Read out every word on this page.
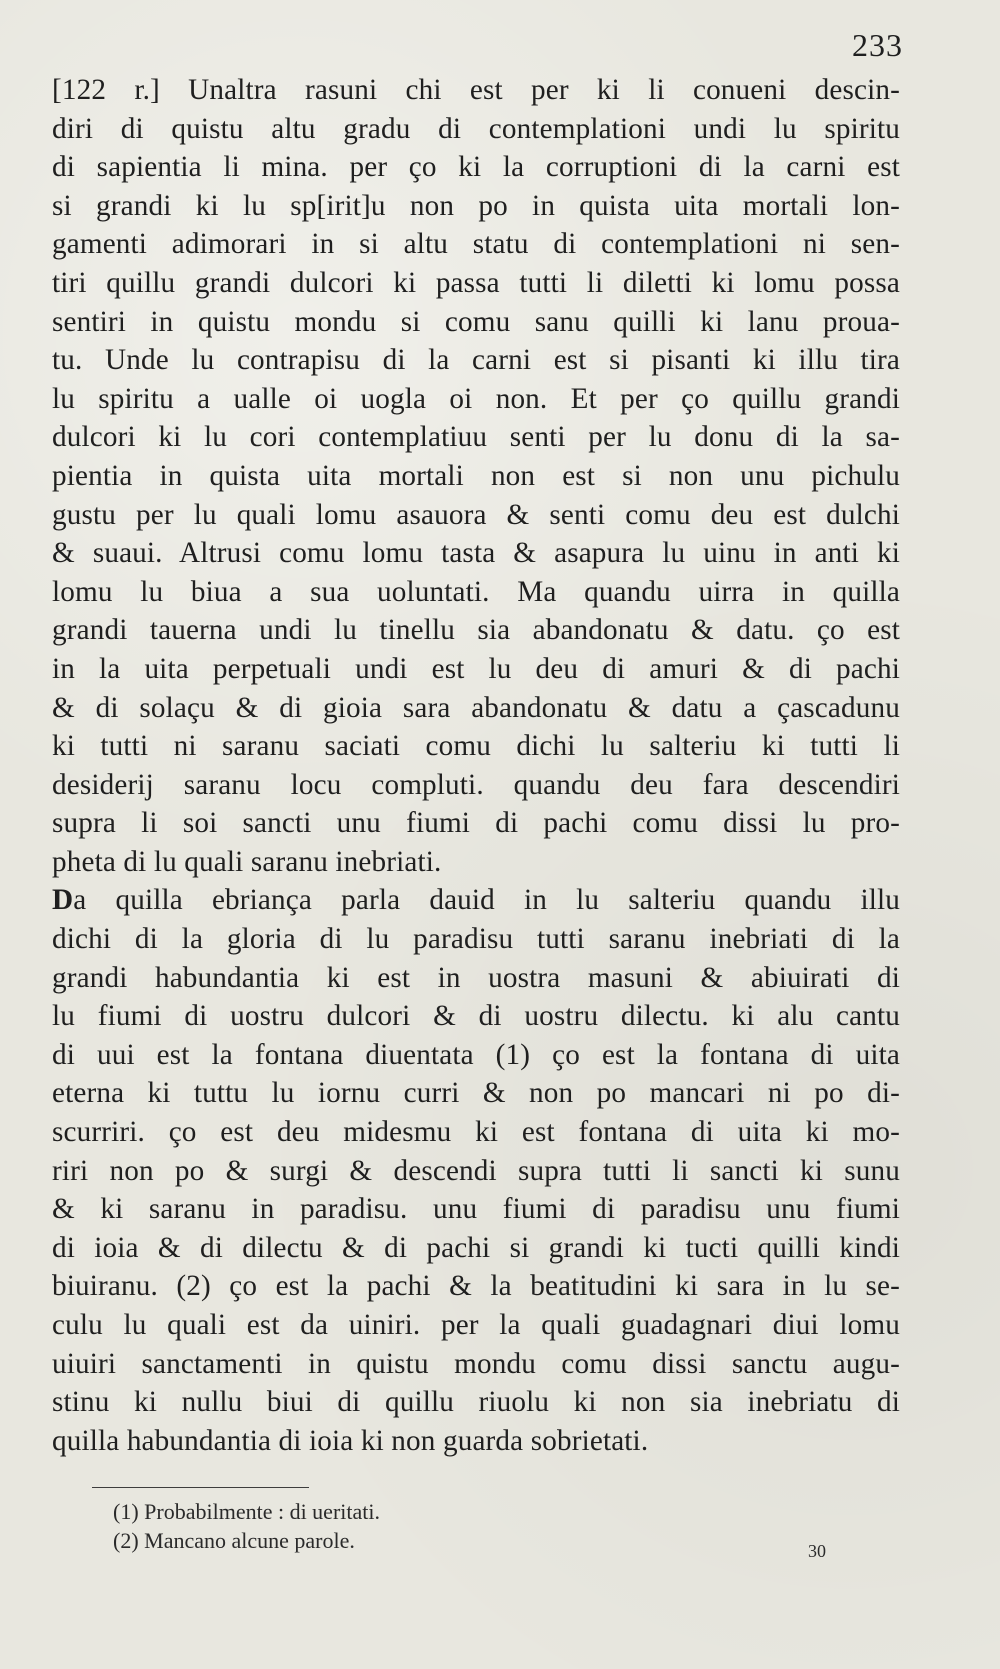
233
[122 r.] Unaltra rasuni chi est per ki li conueni descin-
diri di quistu altu gradu di contemplationi undi lu spiritu
di sapientia li mina. per ço ki la corruptioni di la carni est
si grandi ki lu sp[irit]u non po in quista uita mortali lon-
gamenti adimorari in si altu statu di contemplationi ni sen-
tiri quillu grandi dulcori ki passa tutti li diletti ki lomu possa
sentiri in quistu mondu si comu sanu quilli ki lanu proua-
tu. Unde lu contrapisu di la carni est si pisanti ki illu tira
lu spiritu a ualle oi uogla oi non. Et per ço quillu grandi
dulcori ki lu cori contemplatiuu senti per lu donu di la sa-
pientia in quista uita mortali non est si non unu pichulu
gustu per lu quali lomu asauora & senti comu deu est dulchi
& suaui. Altrusi comu lomu tasta & asapura lu uinu in anti ki
lomu lu biua a sua uoluntati. Ma quandu uirra in quilla
grandi tauerna undi lu tinellu sia abandonatu & datu. ço est
in la uita perpetuali undi est lu deu di amuri & di pachi
& di solaçu & di gioia sara abandonatu & datu a çascadunu
ki tutti ni saranu saciati comu dichi lu salteriu ki tutti li
desiderij saranu locu compluti. quandu deu fara descendiri
supra li soi sancti unu fiumi di pachi comu dissi lu pro-
pheta di lu quali saranu inebriati.
Da quilla ebriança parla dauid in lu salteriu quandu illu
dichi di la gloria di lu paradisu tutti saranu inebriati di la
grandi habundantia ki est in uostra masuni & abiuirati di
lu fiumi di uostru dulcori & di uostru dilectu. ki alu cantu
di uui est la fontana diuentata (1) ço est la fontana di uita
eterna ki tuttu lu iornu curri & non po mancari ni po di-
scurriri. ço est deu midesmu ki est fontana di uita ki mo-
riri non po & surgi & descendi supra tutti li sancti ki sunu
& ki saranu in paradisu. unu fiumi di paradisu unu fiumi
di ioia & di dilectu & di pachi si grandi ki tucti quilli kindi
biuiranu. (2) ço est la pachi & la beatitudini ki sara in lu se-
culu lu quali est da uiniri. per la quali guadagnari diui lomu
uiuiri sanctamenti in quistu mondu comu dissi sanctu augu-
stinu ki nullu biui di quillu riuolu ki non sia inebriatu di
quilla habundantia di ioia ki non guarda sobrietati.
(1) Probabilmente : di ueritati.
(2) Mancano alcune parole.	30
